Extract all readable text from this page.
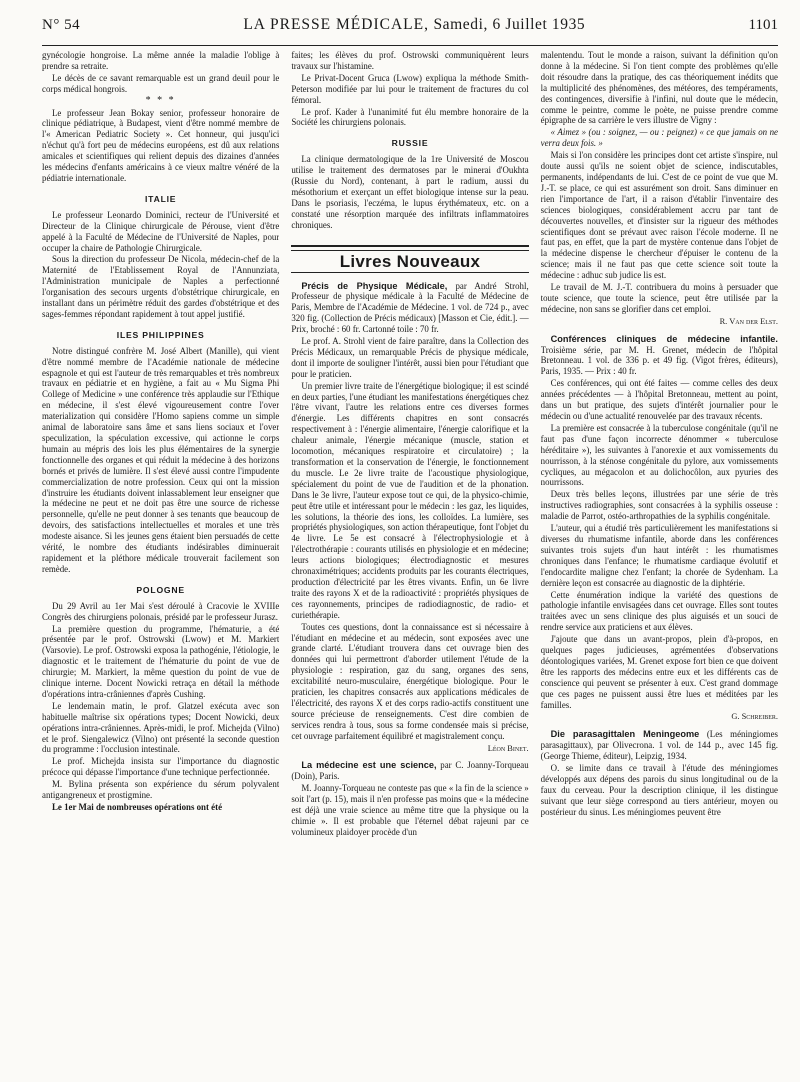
N° 54	LA PRESSE MÉDICALE, Samedi, 6 Juillet 1935	1101

gynécologie hongroise. La même année la maladie l'oblige à prendre sa retraite.

Le décès de ce savant remarquable est un grand deuil pour le corps médical hongrois.

* * *

Le professeur Jean Bokay senior, professeur honoraire de clinique pédiatrique, à Budapest, vient d'être nommé membre de l'« American Pediatric Society ». Cet honneur, qui jusqu'ici n'échut qu'à fort peu de médecins européens, est dû aux relations amicales et scientifiques qui relient depuis des dizaines d'années les médecins d'enfants américains à ce vieux maître vénéré de la pédiatrie internationale.

ITALIE

Le professeur Leonardo Dominici, recteur de l'Université et Directeur de la Clinique chirurgicale de Pérouse, vient d'être appelé à la Faculté de Médecine de l'Université de Naples, pour occuper la chaire de Pathologie Chirurgicale.

Sous la direction du professeur De Nicola, médecin-chef de la Maternité de l'Etablissement Royal de l'Annunziata, l'Administration municipale de Naples a perfectionné l'organisation des secours urgents d'obstétrique chirurgicale, en installant dans un périmètre réduit des gardes d'obstétrique et des sages-femmes répondant rapidement à tout appel justifié.

ILES PHILIPPINES

Notre distingué confrère M. José Albert (Manille), qui vient d'être nommé membre de l'Académie nationale de médecine espagnole et qui est l'auteur de très remarquables et très nombreux travaux en pédiatrie et en hygiène, a fait au « Mu Sigma Phi College of Medicine » une conférence très applaudie sur l'Ethique en médecine, il s'est élevé vigoureusement contre l'over materialization qui considère l'Homo sapiens comme un simple animal de laboratoire sans âme et sans liens sociaux et l'over speculization, la spéculation excessive, qui actionne le corps humain au mépris des lois les plus élémentaires de la synergie fonctionnelle des organes et qui réduit la médecine à des horizons bornés et privés de lumière. Il s'est élevé aussi contre l'impudente commercialization de notre profession. Ceux qui ont la mission d'instruire les étudiants doivent inlassablement leur enseigner que la médecine ne peut et ne doit pas être une source de richesse personnelle, qu'elle ne peut donner à ses tenants que beaucoup de devoirs, des satisfactions intellectuelles et morales et une très modeste aisance. Si les jeunes gens étaient bien persuadés de cette vérité, le nombre des étudiants indésirables diminuerait rapidement et la pléthore médicale trouverait facilement son remède.

POLOGNE

Du 29 Avril au 1er Mai s'est déroulé à Cracovie le XVIIIe Congrès des chirurgiens polonais, présidé par le professeur Jurasz.

La première question du programme, l'hématurie, a été présentée par le prof. Ostrowski (Lwow) et M. Markiert (Varsovie). Le prof. Ostrowski exposa la pathogénie, l'étiologie, le diagnostic et le traitement de l'hématurie du point de vue de chirurgie; M. Markiert, la même question du point de vue de clinique interne. Docent Nowicki retraça en détail la méthode d'opérations intra-crâniennes d'après Cushing.

Le lendemain matin, le prof. Glatzel exécuta avec son habituelle maîtrise six opérations types; Docent Nowicki, deux opérations intra-crâniennes. Après-midi, le prof. Michejda (Vilno) et le prof. Siengalewicz (Vilno) ont présenté la seconde question du programme : l'occlusion intestinale.

Le prof. Michejda insista sur l'importance du diagnostic précoce qui dépasse l'importance d'une technique perfectionnée.

M. Bylina présenta son expérience du sérum polyvalent antigangreneux et prostigmine.

Le 1er Mai de nombreuses opérations ont été

faites; les élèves du prof. Ostrowski communiquèrent leurs travaux sur l'histamine.

Le Privat-Docent Gruca (Lwow) expliqua la méthode Smith-Peterson modifiée par lui pour le traitement de fractures du col fémoral.

Le prof. Kader à l'unanimité fut élu membre honoraire de la Société les chirurgiens polonais.

RUSSIE

La clinique dermatologique de la 1re Université de Moscou utilise le traitement des dermatoses par le minerai d'Oukhta (Russie du Nord), contenant, à part le radium, aussi du mésothorium et exerçant un effet biologique intense sur la peau. Dans le psoriasis, l'eczéma, le lupus érythémateux, etc. on a constaté une résorption marquée des infiltrats inflammatoires chroniques.

Livres Nouveaux

Précis de Physique Médicale, par André Strohl, Professeur de physique médicale à la Faculté de Médecine de Paris, Membre de l'Académie de Médecine. 1 vol. de 724 p., avec 320 fig. (Collection de Précis médicaux) [Masson et Cie, édit.]. — Prix, broché : 60 fr. Cartonné toile : 70 fr.

Le prof. A. Strohl vient de faire paraître, dans la Collection des Précis Médicaux, un remarquable Précis de physique médicale, dont il importe de souligner l'intérêt, aussi bien pour l'étudiant que pour le praticien.

Un premier livre traite de l'énergétique biologique; il est scindé en deux parties, l'une étudiant les manifestations énergétiques chez l'être vivant, l'autre les relations entre ces diverses formes d'énergie. Les différents chapitres en sont consacrés respectivement à : l'énergie alimentaire, l'énergie calorifique et la chaleur animale, l'énergie mécanique (muscle, station et locomotion, mécaniques respiratoire et circulatoire) ; la transformation et la conservation de l'énergie, le fonctionnement du muscle. Le 2e livre traite de l'acoustique physiologique, spécialement du point de vue de l'audition et de la phonation. Dans le 3e livre, l'auteur expose tout ce qui, de la physico-chimie, peut être utile et intéressant pour le médecin : les gaz, les liquides, les solutions, la théorie des ions, les colloïdes. La lumière, ses propriétés physiologiques, son action thérapeutique, font l'objet du 4e livre. Le 5e est consacré à l'électrophysiologie et à l'électrothérapie : courants utilisés en physiologie et en médecine; leurs actions biologiques; électrodiagnostic et mesures chronaximétriques; accidents produits par les courants électriques, production d'électricité par les êtres vivants. Enfin, un 6e livre traite des rayons X et de la radioactivité : propriétés physiques de ces rayonnements, principes de radiodiagnostic, de radio- et curiethérapie.

Toutes ces questions, dont la connaissance est si nécessaire à l'étudiant en médecine et au médecin, sont exposées avec une grande clarté. L'étudiant trouvera dans cet ouvrage bien des données qui lui permettront d'aborder utilement l'étude de la physiologie : respiration, gaz du sang, organes des sens, excitabilité neuro-musculaire, énergétique biologique. Pour le praticien, les chapitres consacrés aux applications médicales de l'électricité, des rayons X et des corps radio-actifs constituent une source précieuse de renseignements. C'est dire combien de services rendra à tous, sous sa forme condensée mais si précise, cet ouvrage parfaitement équilibré et magistralement conçu.

Léon Binet.

La médecine est une science, par C. Joanny-Torqueau (Doin), Paris.

M. Joanny-Torqueau ne conteste pas que « la fin de la science » soit l'art (p. 15), mais il n'en professe pas moins que « la médecine est déjà une vraie science au même titre que la physique ou la chimie ». Il est probable que l'éternel débat rajeuni par ce volumineux plaidoyer procède d'un

malentendu. Tout le monde a raison, suivant la définition qu'on donne à la médecine. Si l'on tient compte des problèmes qu'elle doit résoudre dans la pratique, des cas théoriquement inédits que la multiplicité des phénomènes, des météores, des tempéraments, des contingences, diversifie à l'infini, nul doute que le médecin, comme le peintre, comme le poète, ne puisse prendre comme épigraphe de sa carrière le vers illustre de Vigny :

« Aimez » (ou : soignez, — ou : peignez) « ce que jamais on ne verra deux fois. »

Mais si l'on considère les principes dont cet artiste s'inspire, nul doute aussi qu'ils ne soient objet de science, indiscutables, permanents, indépendants de lui. C'est de ce point de vue que M. J.-T. se place, ce qui est assurément son droit. Sans diminuer en rien l'importance de l'art, il a raison d'établir l'inventaire des sciences biologiques, considérablement accru par tant de découvertes nouvelles, et d'insister sur la rigueur des méthodes scientifiques dont se prévaut avec raison l'école moderne. Il ne faut pas, en effet, que la part de mystère contenue dans l'objet de la médecine dispense le chercheur d'épuiser le contenu de la science; mais il ne faut pas que cette science soit toute la médecine : adhuc sub judice lis est.

Le travail de M. J.-T. contribuera du moins à persuader que toute science, que toute la science, peut être utilisée par la médecine, non sans se glorifier dans cet emploi.

R. Van der Elst.

Conférences cliniques de médecine infantile. Troisième série, par M. H. Grenet, médecin de l'hôpital Bretonneau. 1 vol. de 336 p. et 49 fig. (Vigot frères, éditeurs), Paris, 1935. — Prix : 40 fr.

Ces conférences, qui ont été faites — comme celles des deux années précédentes — à l'hôpital Bretonneau, mettent au point, dans un but pratique, des sujets d'intérêt journalier pour le médecin ou d'une actualité renouvelée par des travaux récents.

La première est consacrée à la tuberculose congénitale (qu'il ne faut pas d'une façon incorrecte dénommer « tuberculose héréditaire »), les suivantes à l'anorexie et aux vomissements du nourrisson, à la sténose congénitale du pylore, aux vomissements cycliques, au mégacolon et au dolichocôlon, aux pyuries des nourrissons.

Deux très belles leçons, illustrées par une série de très instructives radiographies, sont consacrées à la syphilis osseuse : maladie de Parrot, ostéo-arthropathies de la syphilis congénitale.

L'auteur, qui a étudié très particulièrement les manifestations si diverses du rhumatisme infantile, aborde dans les conférences suivantes trois sujets d'un haut intérêt : les rhumatismes chroniques dans l'enfance; le rhumatisme cardiaque évolutif et l'endocardite maligne chez l'enfant; la chorée de Sydenham. La dernière leçon est consacrée au diagnostic de la diphtérie.

Cette énumération indique la variété des questions de pathologie infantile envisagées dans cet ouvrage. Elles sont toutes traitées avec un sens clinique des plus aiguisés et un souci de rendre service aux praticiens et aux élèves.

J'ajoute que dans un avant-propos, plein d'à-propos, en quelques pages judicieuses, agrémentées d'observations déontologiques variées, M. Grenet expose fort bien ce que doivent être les rapports des médecins entre eux et les différents cas de conscience qui peuvent se présenter à eux. C'est grand dommage que ces pages ne puissent aussi être lues et méditées par les familles.

G. Schreiber.

Die parasagittalen Meningeome (Les méningiomes parasagittaux), par Olivecrona. 1 vol. de 144 p., avec 145 fig. (George Thieme, éditeur), Leipzig, 1934.

O. se limite dans ce travail à l'étude des méningiomes développés aux dépens des parois du sinus longitudinal ou de la faux du cerveau. Pour la description clinique, il les distingue suivant que leur siège correspond au tiers antérieur, moyen ou postérieur du sinus. Les méningiomes peuvent être
